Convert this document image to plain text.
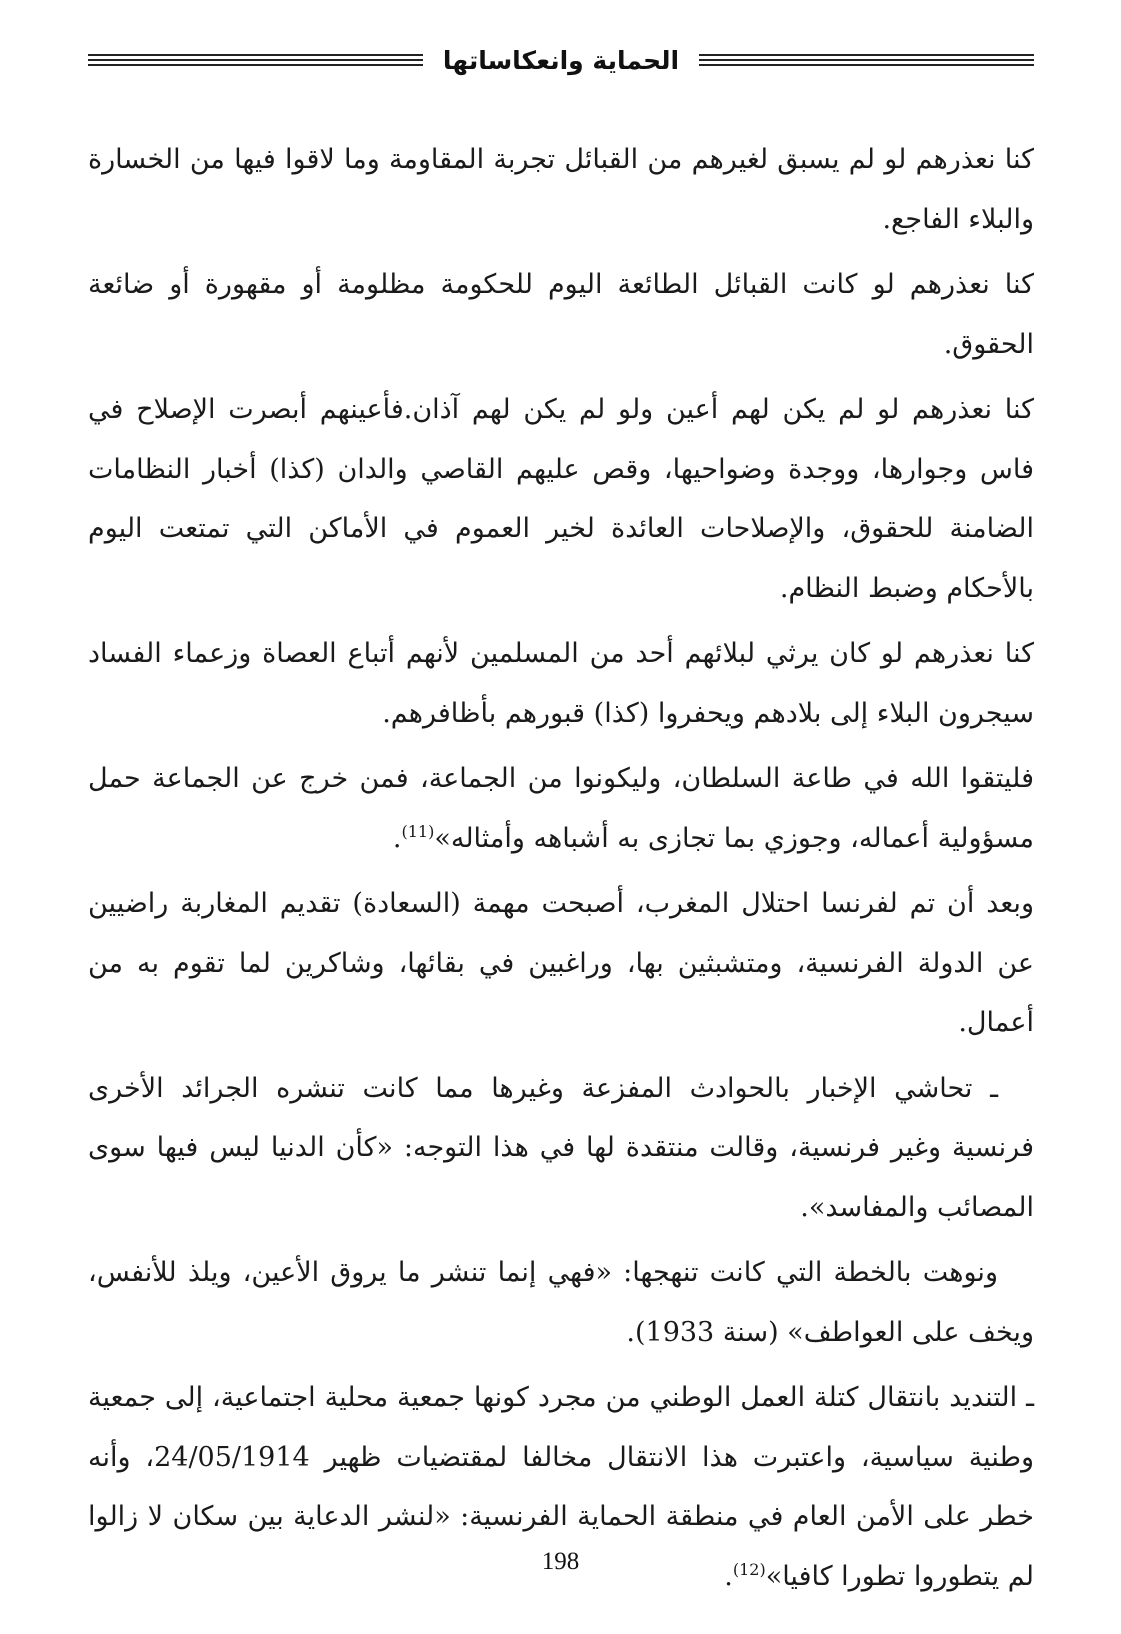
الحماية وانعكاساتها

كنا نعذرهم لو لم يسبق لغيرهم من القبائل تجربة المقاومة وما لاقوا فيها من الخسارة والبلاء الفاجع.

كنا نعذرهم لو كانت القبائل الطائعة اليوم للحكومة مظلومة أو مقهورة أو ضائعة الحقوق.

كنا نعذرهم لو لم يكن لهم أعين ولو لم يكن لهم آذان.فأعينهم أبصرت الإصلاح في فاس وجوارها، ووجدة وضواحيها، وقص عليهم القاصي والدان (كذا) أخبار النظامات الضامنة للحقوق، والإصلاحات العائدة لخير العموم في الأماكن التي تمتعت اليوم بالأحكام وضبط النظام.

كنا نعذرهم لو كان يرثي لبلائهم أحد من المسلمين لأنهم أتباع العصاة وزعماء الفساد سيجرون البلاء إلى بلادهم ويحفروا (كذا) قبورهم بأظافرهم.

فليتقوا الله في طاعة السلطان، وليكونوا من الجماعة، فمن خرج عن الجماعة حمل مسؤولية أعماله، وجوزي بما تجازى به أشباهه وأمثاله»$^{(11)}$.

وبعد أن تم لفرنسا احتلال المغرب، أصبحت مهمة (السعادة) تقديم المغاربة راضيين عن الدولة الفرنسية، ومتشبثين بها، وراغبين في بقائها، وشاكرين لما تقوم به من أعمال.

ـ تحاشي الإخبار بالحوادث المفزعة وغيرها مما كانت تنشره الجرائد الأخرى فرنسية وغير فرنسية، وقالت منتقدة لها في هذا التوجه: «كأن الدنيا ليس فيها سوى المصائب والمفاسد».

ونوهت بالخطة التي كانت تنهجها: «فهي إنما تنشر ما يروق الأعين، ويلذ للأنفس، ويخف على العواطف» (سنة 1933).

ـ التنديد بانتقال كتلة العمل الوطني من مجرد كونها جمعية محلية اجتماعية، إلى جمعية وطنية سياسية، واعتبرت هذا الانتقال مخالفا لمقتضيات ظهير 24/05/1914، وأنه خطر على الأمن العام في منطقة الحماية الفرنسية: «لنشر الدعاية بين سكان لا زالوا لم يتطوروا تطورا كافيا»$^{(12)}$.

198
